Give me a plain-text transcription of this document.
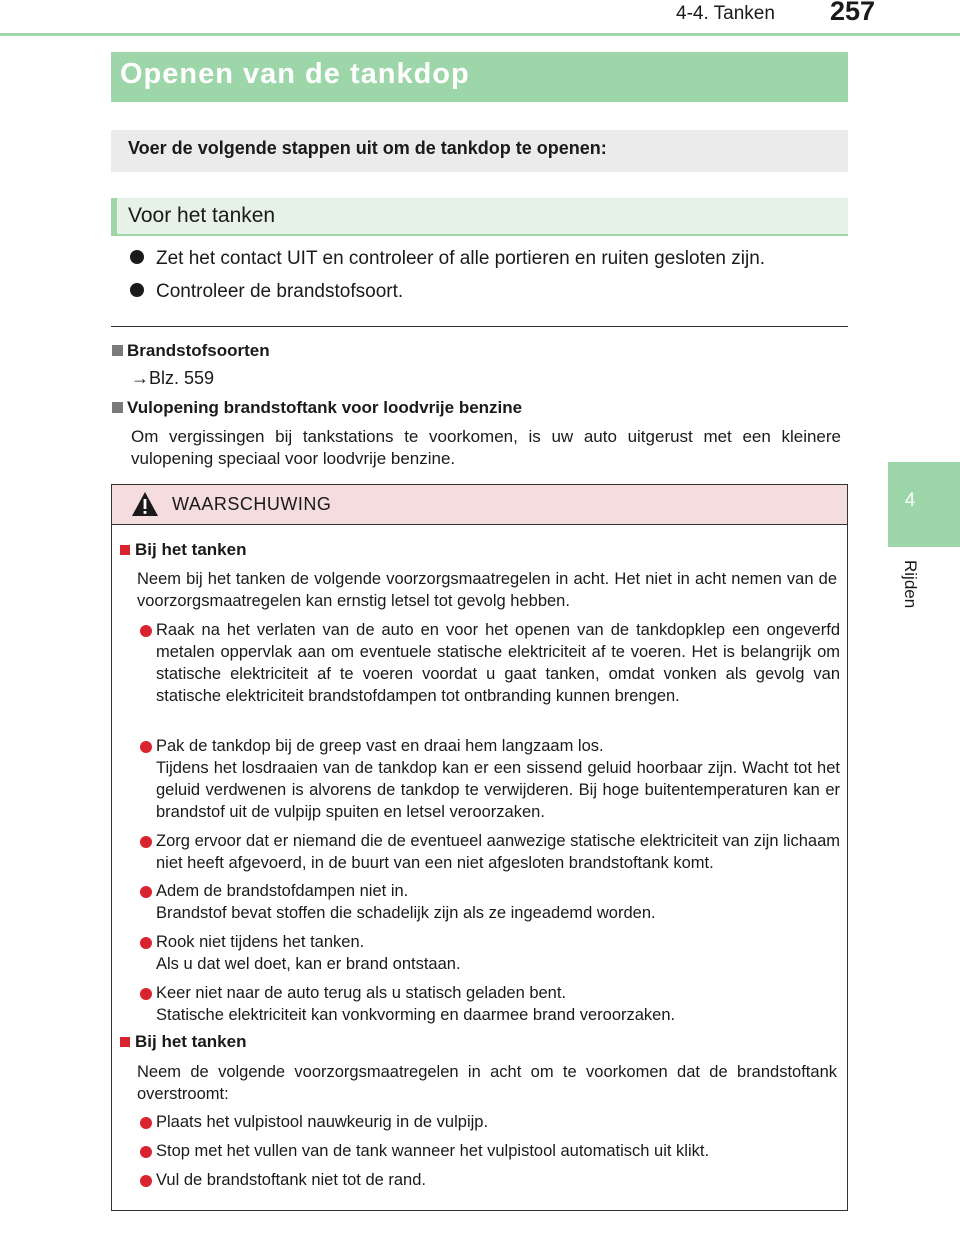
4-4. Tanken 257
4
Rijden
Openen van de tankdop
Voer de volgende stappen uit om de tankdop te openen:
Voor het tanken
Zet het contact UIT en controleer of alle portieren en ruiten gesloten zijn.
Controleer de brandstofsoort.
Brandstofsoorten
→Blz. 559
Vulopening brandstoftank voor loodvrije benzine
Om vergissingen bij tankstations te voorkomen, is uw auto uitgerust met een kleinere vulopening speciaal voor loodvrije benzine.
WAARSCHUWING
Bij het tanken
Neem bij het tanken de volgende voorzorgsmaatregelen in acht. Het niet in acht nemen van de voorzorgsmaatregelen kan ernstig letsel tot gevolg hebben.
Raak na het verlaten van de auto en voor het openen van de tankdopklep een ongeverfd metalen oppervlak aan om eventuele statische elektriciteit af te voeren. Het is belangrijk om statische elektriciteit af te voeren voordat u gaat tanken, omdat vonken als gevolg van statische elektriciteit brandstofdampen tot ontbranding kunnen brengen.
Pak de tankdop bij de greep vast en draai hem langzaam los.
Tijdens het losdraaien van de tankdop kan er een sissend geluid hoorbaar zijn. Wacht tot het geluid verdwenen is alvorens de tankdop te verwijderen. Bij hoge buitentemperaturen kan er brandstof uit de vulpijp spuiten en letsel veroorzaken.
Zorg ervoor dat er niemand die de eventueel aanwezige statische elektriciteit van zijn lichaam niet heeft afgevoerd, in de buurt van een niet afgesloten brandstoftank komt.
Adem de brandstofdampen niet in.
Brandstof bevat stoffen die schadelijk zijn als ze ingeademd worden.
Rook niet tijdens het tanken.
Als u dat wel doet, kan er brand ontstaan.
Keer niet naar de auto terug als u statisch geladen bent.
Statische elektriciteit kan vonkvorming en daarmee brand veroorzaken.
Bij het tanken
Neem de volgende voorzorgsmaatregelen in acht om te voorkomen dat de brandstoftank overstroomt:
Plaats het vulpistool nauwkeurig in de vulpijp.
Stop met het vullen van de tank wanneer het vulpistool automatisch uit klikt.
Vul de brandstoftank niet tot de rand.
